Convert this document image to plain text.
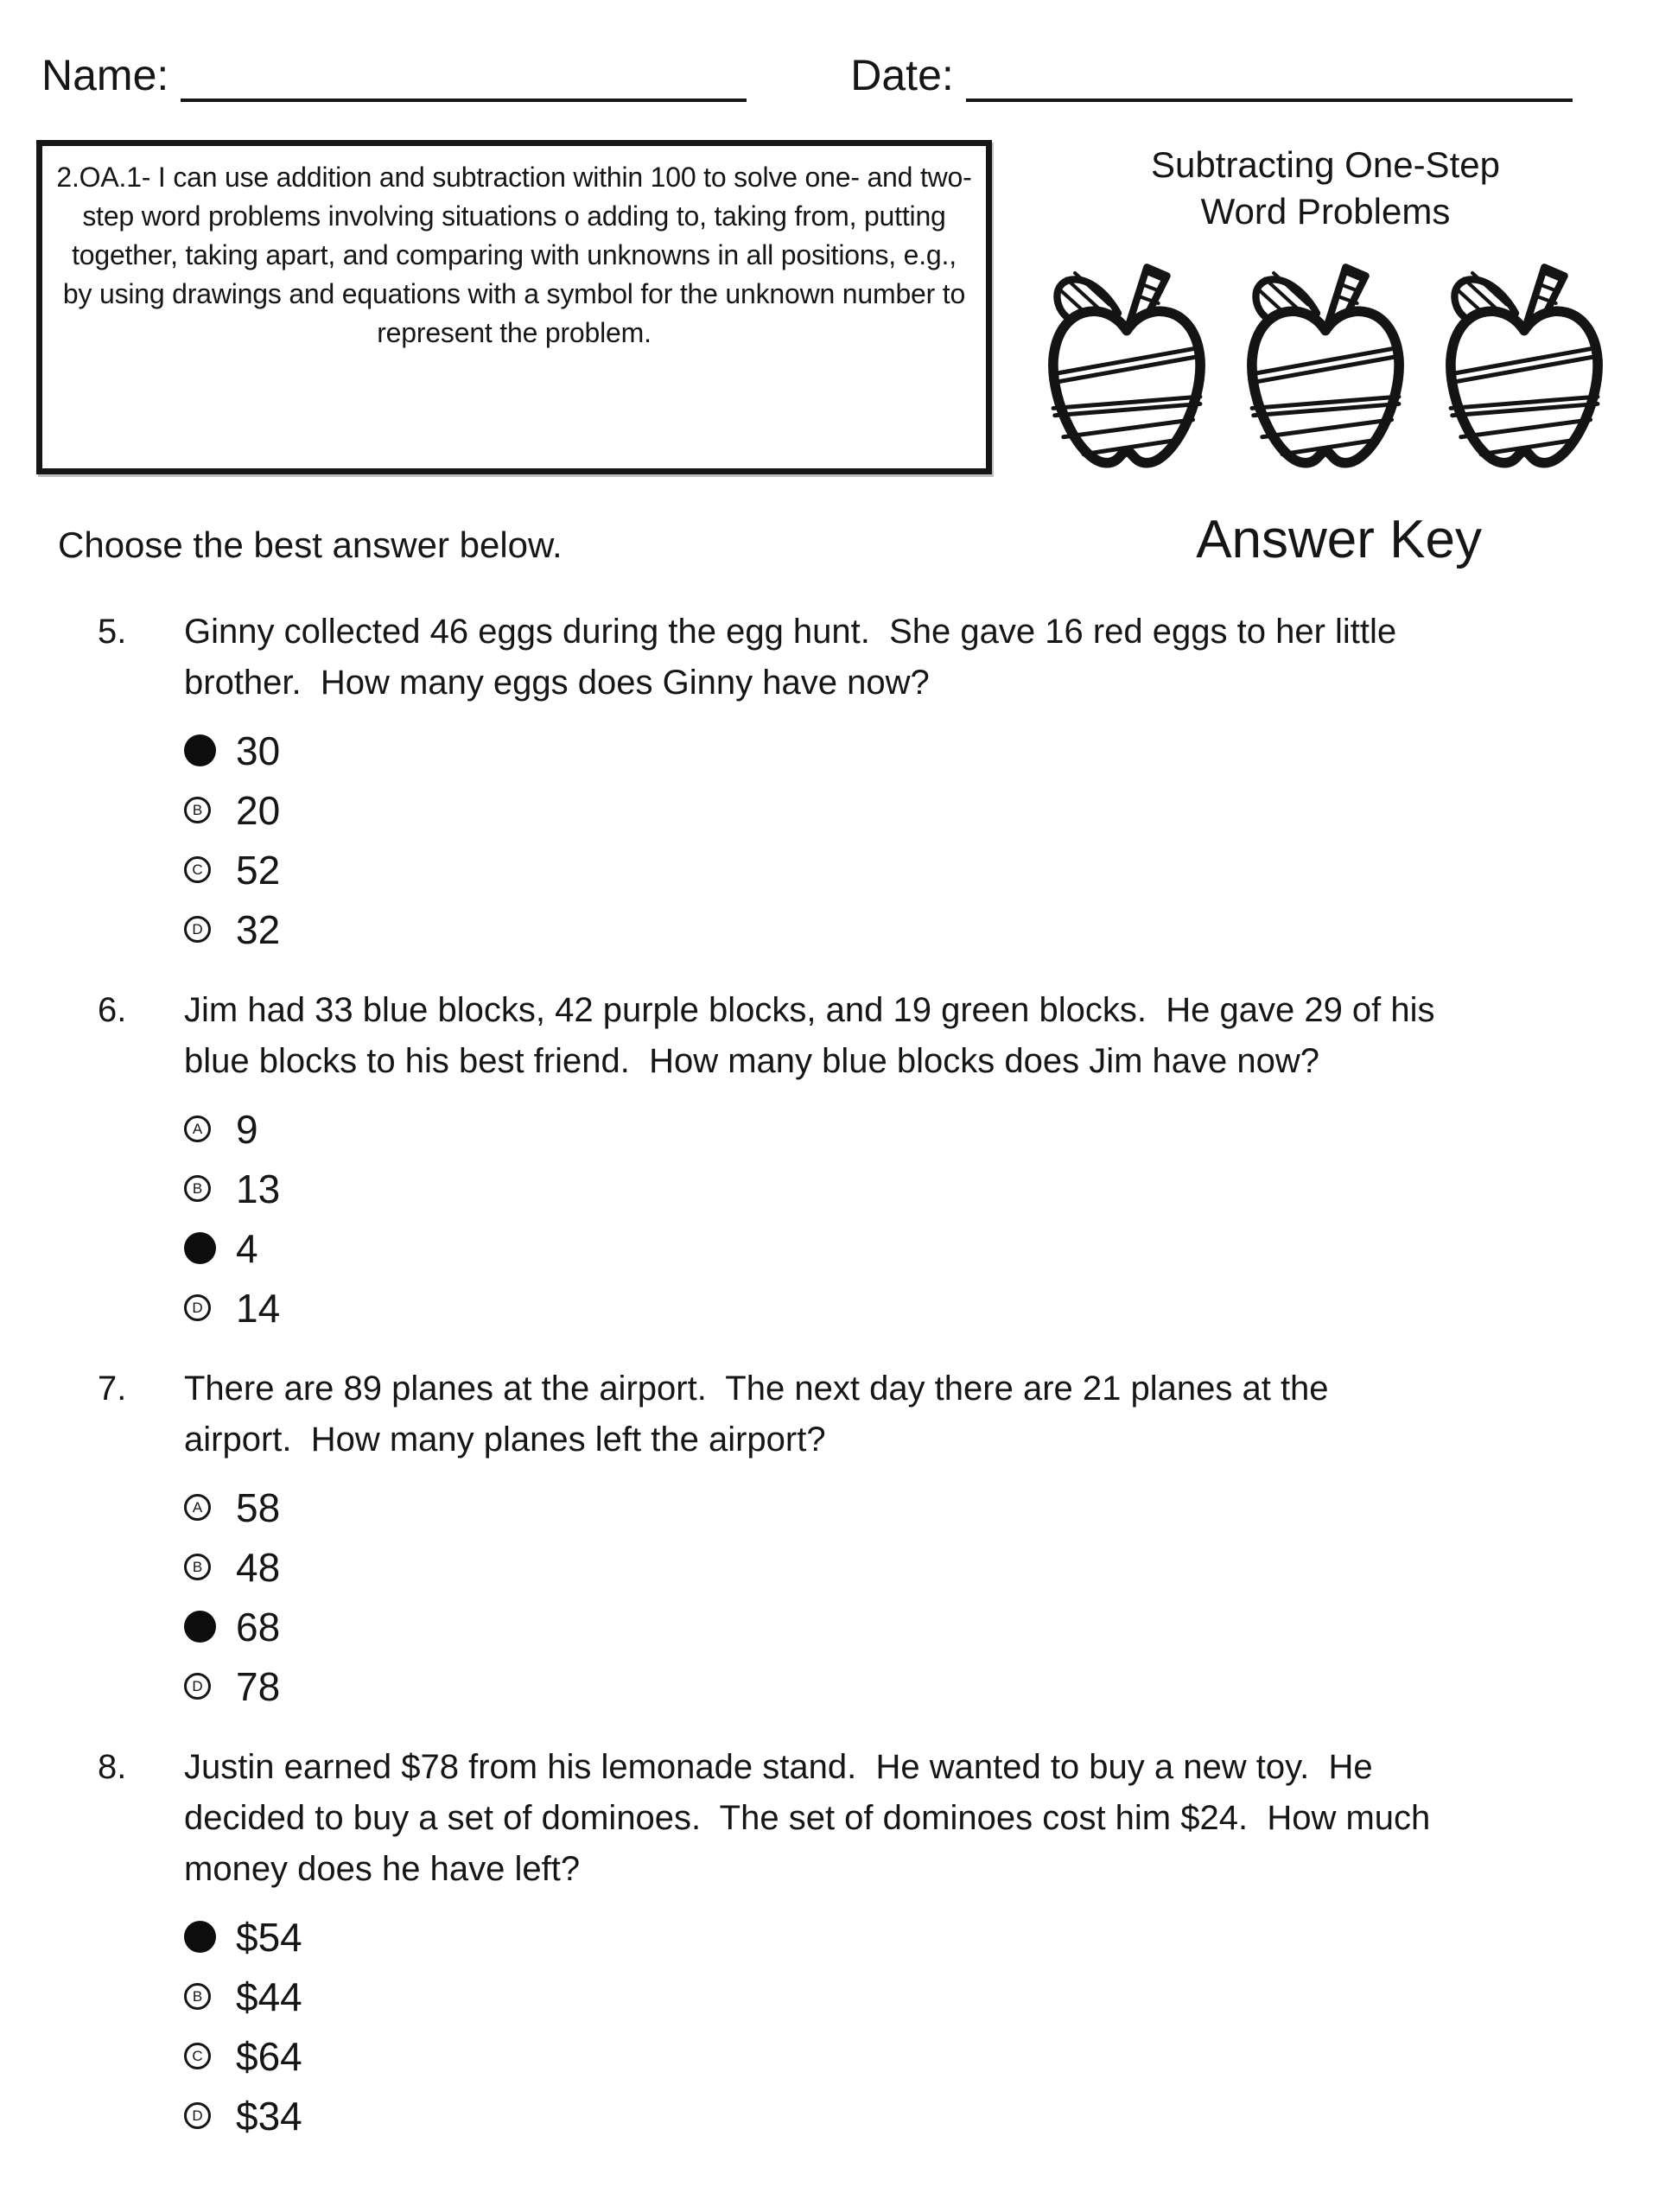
Name:	Date:

2.OA.1- I can use addition and subtraction within 100 to solve one- and two-step word problems involving situations o adding to, taking from, putting together, taking apart, and comparing with unknowns in all positions, e.g., by using drawings and equations with a symbol for the unknown number to represent the problem.

Subtracting One-Step
Word Problems
Choose the best answer below.	Answer Key
5.	Ginny collected 46 eggs during the egg hunt.  She gave 16 red eggs to her little brother.  How many eggs does Ginny have now?
30
B 20
C 52
D 32
6.	Jim had 33 blue blocks, 42 purple blocks, and 19 green blocks.  He gave 29 of his blue blocks to his best friend.  How many blue blocks does Jim have now?
A 9
B 13
4
D 14
7.	There are 89 planes at the airport.  The next day there are 21 planes at the airport.  How many planes left the airport?
A 58
B 48
68
D 78
8.	Justin earned $78 from his lemonade stand.  He wanted to buy a new toy.  He decided to buy a set of dominoes.  The set of dominoes cost him $24.  How much money does he have left?
$54
B $44
C $64
D $34
